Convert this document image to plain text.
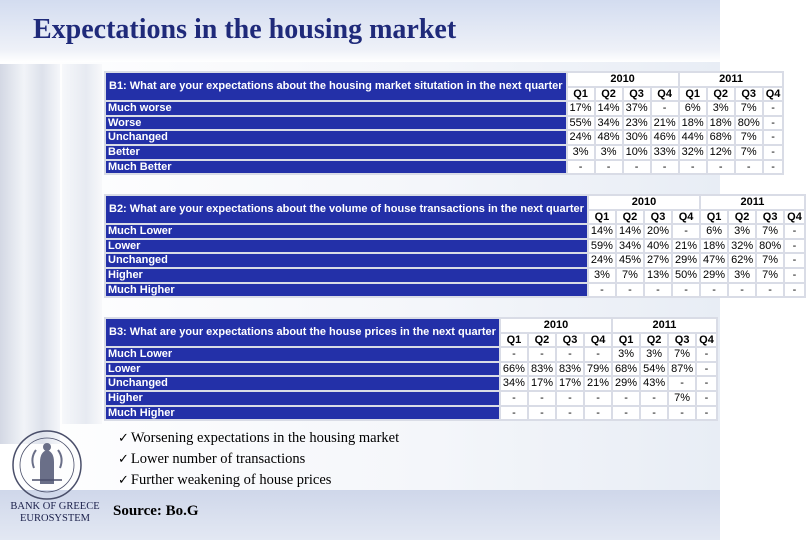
Expectations in the housing market
B1: What are your expectations about the housing market situtation in the next quarter	2010				2011			
	Q1	Q2	Q3	Q4	Q1	Q2	Q3	Q4
Much worse	17%	14%	37%	-	6%	3%	7%	-
Worse	55%	34%	23%	21%	18%	18%	80%	-
Unchanged	24%	48%	30%	46%	44%	68%	7%	-
Better	3%	3%	10%	33%	32%	12%	7%	-
Much Better	-	-	-	-	-	-	-	-
B2: What are your expectations about the volume of house transactions in the next quarter	2010				2011			
	Q1	Q2	Q3	Q4	Q1	Q2	Q3	Q4
Much Lower	14%	14%	20%	-	6%	3%	7%	-
Lower	59%	34%	40%	21%	18%	32%	80%	-
Unchanged	24%	45%	27%	29%	47%	62%	7%	-
Higher	3%	7%	13%	50%	29%	3%	7%	-
Much Higher	-	-	-	-	-	-	-	-
B3: What are your expectations about the house prices in the next quarter	2010				2011			
	Q1	Q2	Q3	Q4	Q1	Q2	Q3	Q4
Much Lower	-	-	-	-	3%	3%	7%	-
Lower	66%	83%	83%	79%	68%	54%	87%	-
Unchanged	34%	17%	17%	21%	29%	43%	-	-
Higher	-	-	-	-	-	-	7%	-
Much Higher	-	-	-	-	-	-	-	-
✓ Worsening expectations in the housing market
✓ Lower number of transactions
✓ Further weakening of house prices
BANK OF GREECE
EUROSYSTEM	Source: Bo.G
